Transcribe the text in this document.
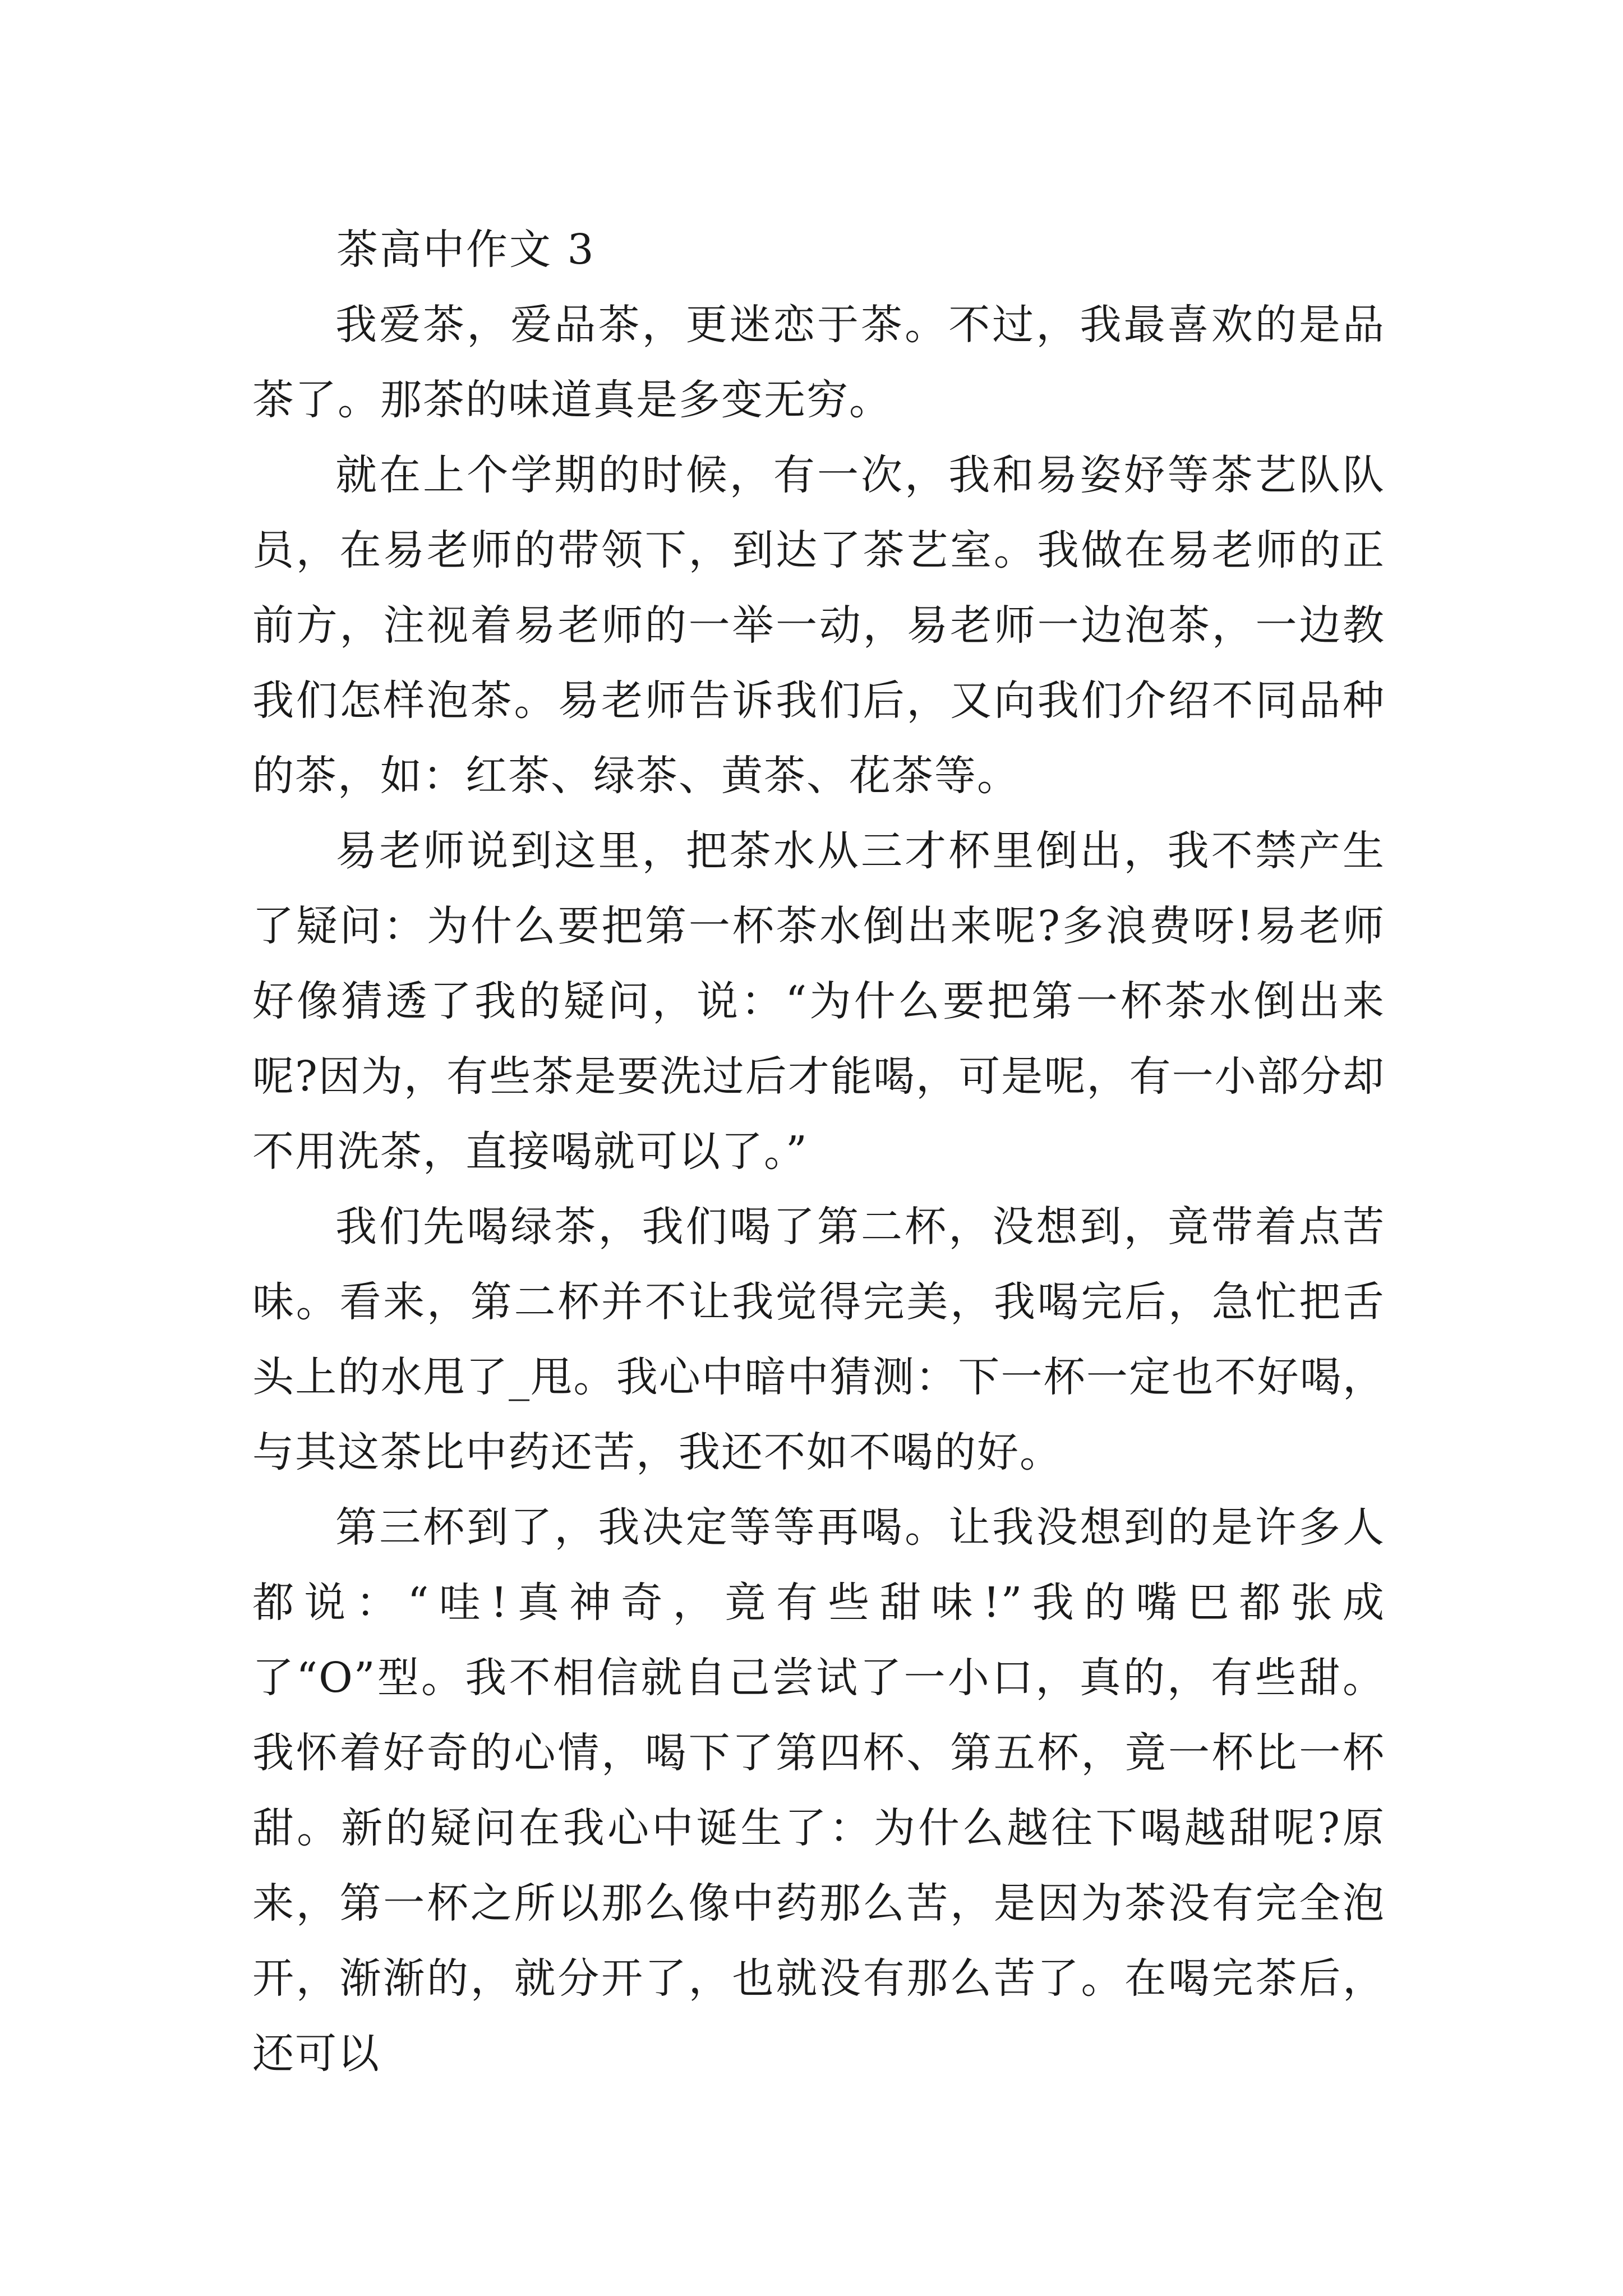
茶高中作文 3

我爱茶，爱品茶，更迷恋于茶。不过，我最喜欢的是品茶了。那茶的味道真是多变无穷。

就在上个学期的时候，有一次，我和易姿妤等茶艺队队员，在易老师的带领下，到达了茶艺室。我做在易老师的正前方，注视着易老师的一举一动，易老师一边泡茶，一边教我们怎样泡茶。易老师告诉我们后，又向我们介绍不同品种的茶，如：红茶、绿茶、黄茶、花茶等。

易老师说到这里，把茶水从三才杯里倒出，我不禁产生了疑问：为什么要把第一杯茶水倒出来呢?多浪费呀!易老师好像猜透了我的疑问，说：“为什么要把第一杯茶水倒出来呢?因为，有些茶是要洗过后才能喝，可是呢，有一小部分却不用洗茶，直接喝就可以了。”

我们先喝绿茶，我们喝了第二杯，没想到，竟带着点苦味。看来，第二杯并不让我觉得完美，我喝完后，急忙把舌头上的水甩了_甩。我心中暗中猜测：下一杯一定也不好喝，与其这茶比中药还苦，我还不如不喝的好。

第三杯到了，我决定等等再喝。让我没想到的是许多人都说：“哇!真神奇，竟有些甜味!”我的嘴巴都张成了“O”型。我不相信就自己尝试了一小口，真的，有些甜。我怀着好奇的心情，喝下了第四杯、第五杯，竟一杯比一杯甜。新的疑问在我心中诞生了：为什么越往下喝越甜呢?原来，第一杯之所以那么像中药那么苦，是因为茶没有完全泡开，渐渐的，就分开了，也就没有那么苦了。在喝完茶后，还可以
